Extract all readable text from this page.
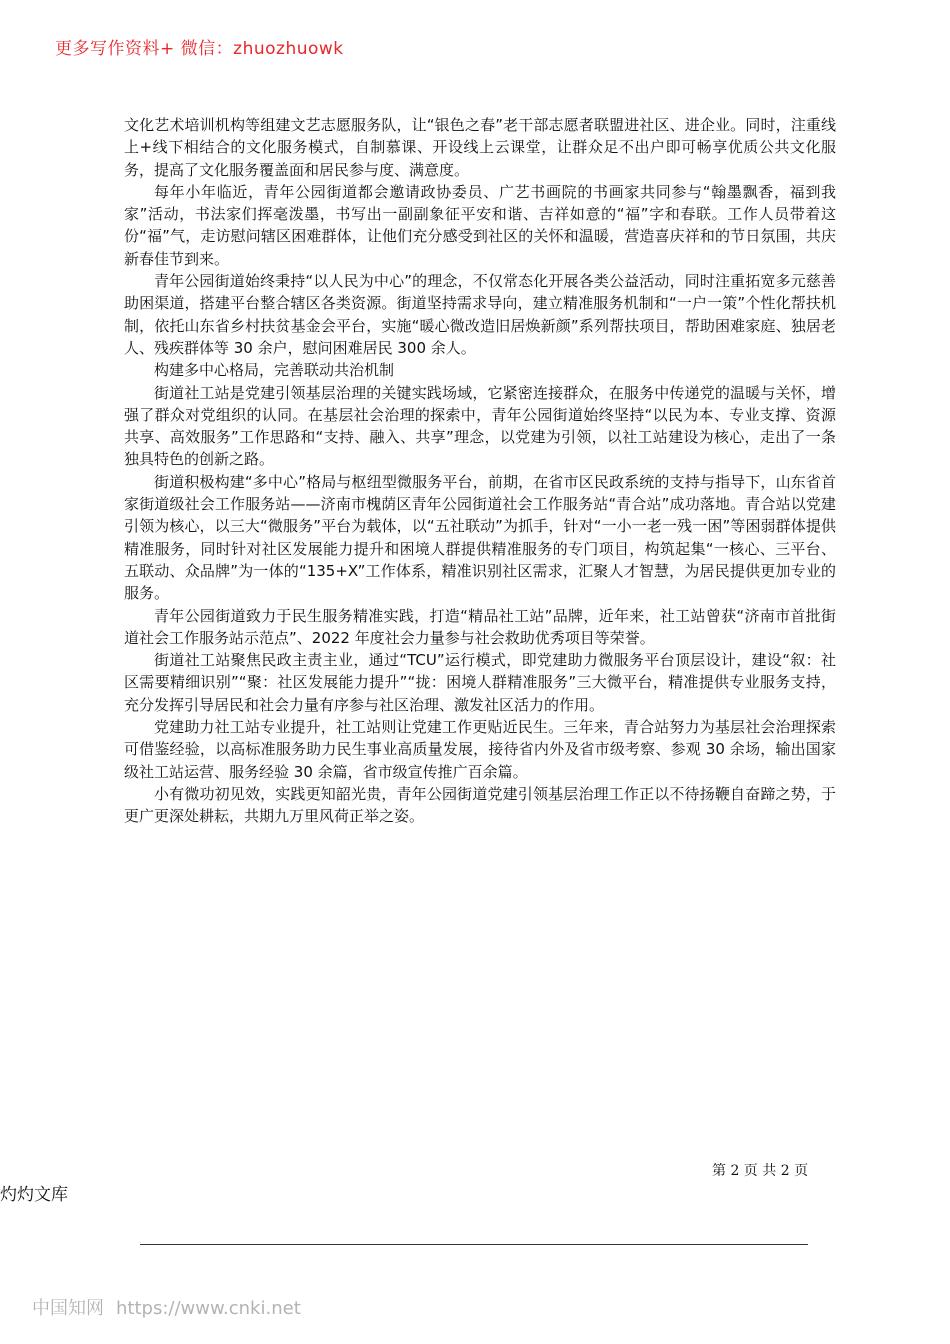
更多写作资料+ 微信：zhuozhuowk

文化艺术培训机构等组建文艺志愿服务队，让“银色之春”老干部志愿者联盟进社区、进企业。同时，注重线上+线下相结合的文化服务模式，自制慕课、开设线上云课堂，让群众足不出户即可畅享优质公共文化服务，提高了文化服务覆盖面和居民参与度、满意度。

每年小年临近，青年公园街道都会邀请政协委员、广艺书画院的书画家共同参与“翰墨飘香，福到我家”活动，书法家们挥毫泼墨，书写出一副副象征平安和谐、吉祥如意的“福”字和春联。工作人员带着这份“福”气，走访慰问辖区困难群体，让他们充分感受到社区的关怀和温暖，营造喜庆祥和的节日氛围，共庆新春佳节到来。

青年公园街道始终秉持“以人民为中心”的理念，不仅常态化开展各类公益活动，同时注重拓宽多元慈善助困渠道，搭建平台整合辖区各类资源。街道坚持需求导向，建立精准服务机制和“一户一策”个性化帮扶机制，依托山东省乡村扶贫基金会平台，实施“暖心微改造旧居焕新颜”系列帮扶项目，帮助困难家庭、独居老人、残疾群体等 30 余户，慰问困难居民 300 余人。

构建多中心格局，完善联动共治机制

街道社工站是党建引领基层治理的关键实践场域，它紧密连接群众，在服务中传递党的温暖与关怀，增强了群众对党组织的认同。在基层社会治理的探索中，青年公园街道始终坚持“以民为本、专业支撑、资源共享、高效服务”工作思路和“支持、融入、共享”理念，以党建为引领，以社工站建设为核心，走出了一条独具特色的创新之路。

街道积极构建“多中心”格局与枢纽型微服务平台，前期，在省市区民政系统的支持与指导下，山东省首家街道级社会工作服务站——济南市槐荫区青年公园街道社会工作服务站“青合站”成功落地。青合站以党建引领为核心，以三大“微服务”平台为载体，以“五社联动”为抓手，针对“一小一老一残一困”等困弱群体提供精准服务，同时针对社区发展能力提升和困境人群提供精准服务的专门项目，构筑起集“一核心、三平台、五联动、众品牌”为一体的“135+X”工作体系，精准识别社区需求，汇聚人才智慧，为居民提供更加专业的服务。

青年公园街道致力于民生服务精准实践，打造“精品社工站”品牌，近年来，社工站曾获“济南市首批街道社会工作服务站示范点”、2022 年度社会力量参与社会救助优秀项目等荣誉。

街道社工站聚焦民政主责主业，通过“TCU”运行模式，即党建助力微服务平台顶层设计，建设“叙：社区需要精细识别”“聚：社区发展能力提升”“拢：困境人群精准服务”三大微平台，精准提供专业服务支持，充分发挥引导居民和社会力量有序参与社区治理、激发社区活力的作用。

党建助力社工站专业提升，社工站则让党建工作更贴近民生。三年来，青合站努力为基层社会治理探索可借鉴经验，以高标准服务助力民生事业高质量发展，接待省内外及省市级考察、参观 30 余场，输出国家级社工站运营、服务经验 30 余篇，省市级宣传推广百余篇。

小有微功初见效，实践更知韶光贵，青年公园街道党建引领基层治理工作正以不待扬鞭自奋蹄之势，于更广更深处耕耘，共期九万里风荷正举之姿。

第 2 页 共 2 页
灼灼文库
中国知网 https://www.cnki.net
